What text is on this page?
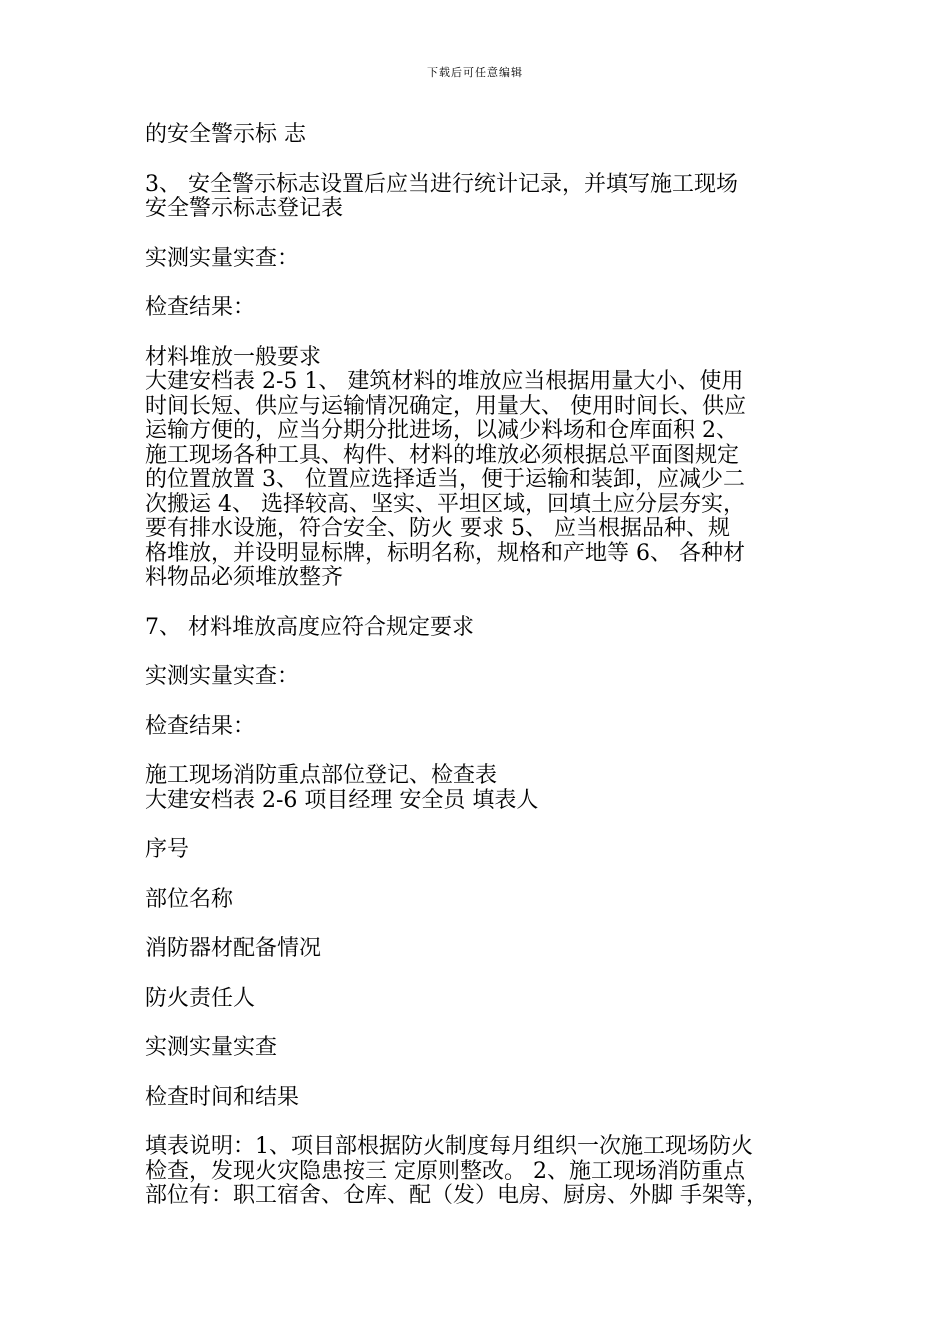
下载后可任意编辑

的安全警示标 志

3、 安全警示标志设置后应当进行统计记录，并填写施工现场
安全警示标志登记表

实测实量实查：

检查结果：

材料堆放一般要求
大建安档表 2-5 1、 建筑材料的堆放应当根据用量大小、使用
时间长短、供应与运输情况确定，用量大、 使用时间长、供应
运输方便的，应当分期分批进场，以减少料场和仓库面积 2、
施工现场各种工具、构件、材料的堆放必须根据总平面图规定
的位置放置 3、 位置应选择适当，便于运输和装卸，应减少二
次搬运 4、 选择较高、坚实、平坦区域，回填土应分层夯实，
要有排水设施，符合安全、防火 要求 5、 应当根据品种、规
格堆放，并设明显标牌，标明名称，规格和产地等 6、 各种材
料物品必须堆放整齐

7、 材料堆放高度应符合规定要求

实测实量实查：

检查结果：

施工现场消防重点部位登记、检查表
大建安档表 2-6 项目经理 安全员 填表人

序号

部位名称

消防器材配备情况

防火责任人

实测实量实查

检查时间和结果

填表说明：1、项目部根据防火制度每月组织一次施工现场防火
检查，发现火灾隐患按三 定原则整改。 2、施工现场消防重点
部位有：职工宿舍、仓库、配（发）电房、厨房、外脚 手架等，
